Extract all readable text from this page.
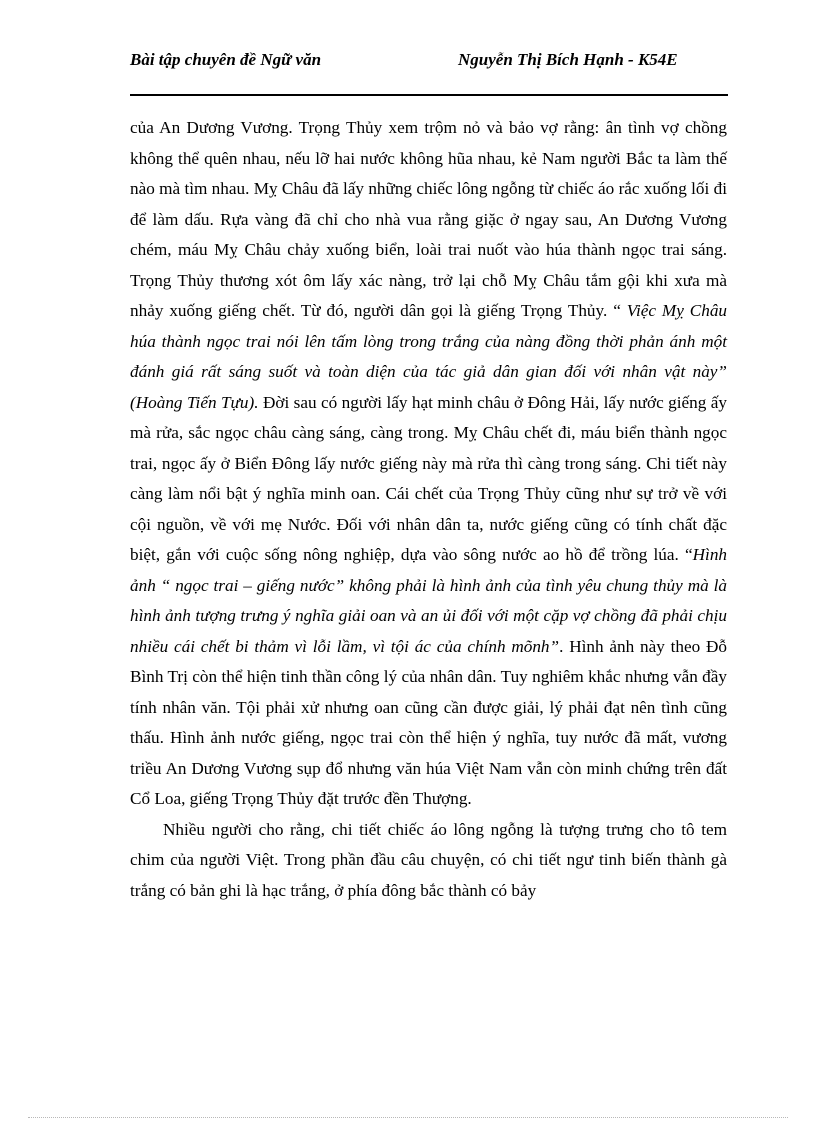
Bài tập chuyên đề Ngữ văn	Nguyễn Thị Bích Hạnh - K54E

của An Dương Vương. Trọng Thủy xem trộm nỏ và bảo vợ rằng: ân tình vợ chồng không thể quên nhau, nếu lỡ hai nước không hũa nhau, kẻ Nam người Bắc ta làm thế nào mà tìm nhau. Mỵ Châu đã lấy những chiếc lông ngỗng từ chiếc áo rắc xuống lối đi để làm dấu. Rựa vàng đã chỉ cho nhà vua rằng giặc ở ngay sau, An Dương Vương chém, máu Mỵ Châu chảy xuống biển, loài trai nuốt vào húa thành ngọc trai sáng. Trọng Thủy thương xót ôm lấy xác nàng, trở lại chỗ Mỵ Châu tắm gội khi xưa mà nhảy xuống giếng chết. Từ đó, người dân gọi là giếng Trọng Thủy. “ Việc Mỵ Châu húa thành ngọc trai nói lên tấm lòng trong trắng của nàng đồng thời phản ánh một đánh giá rất sáng suốt và toàn diện của tác giả dân gian đối với nhân vật này” (Hoàng Tiến Tựu). Đời sau có người lấy hạt minh châu ở Đông Hải, lấy nước giếng ấy mà rửa, sắc ngọc châu càng sáng, càng trong. Mỵ Châu chết đi, máu biển thành ngọc trai, ngọc ấy ở Biển Đông lấy nước giếng này mà rửa thì càng trong sáng. Chi tiết này càng làm nổi bật ý nghĩa minh oan. Cái chết của Trọng Thủy cũng như sự trở về với cội nguồn, về với mẹ Nước. Đối với nhân dân ta, nước giếng cũng có tính chất đặc biệt, gắn với cuộc sống nông nghiệp, dựa vào sông nước ao hồ để trồng lúa. “Hình ảnh “ ngọc trai – giếng nước” không phải là hình ảnh của tình yêu chung thủy mà là hình ảnh tượng trưng ý nghĩa giải oan và an ủi đối với một cặp vợ chồng đã phải chịu nhiều cái chết bi thảm vì lỗi lầm, vì tội ác của chính mõnh”. Hình ảnh này theo Đỗ Bình Trị còn thể hiện tinh thần công lý của nhân dân. Tuy nghiêm khắc nhưng vẫn đầy tính nhân văn. Tội phải xử nhưng oan cũng cần được giải, lý phải đạt nên tình cũng thấu. Hình ảnh nước giếng, ngọc trai còn thể hiện ý nghĩa, tuy nước đã mất, vương triều An Dương Vương sụp đổ nhưng văn húa Việt Nam vẫn còn minh chứng trên đất Cổ Loa, giếng Trọng Thủy đặt trước đền Thượng.

Nhiều người cho rằng, chi tiết chiếc áo lông ngỗng là tượng trưng cho tô tem chim của người Việt. Trong phần đầu câu chuyện, có chi tiết ngư tinh biến thành gà trắng có bản ghi là hạc trắng, ở phía đông bắc thành có bảy
